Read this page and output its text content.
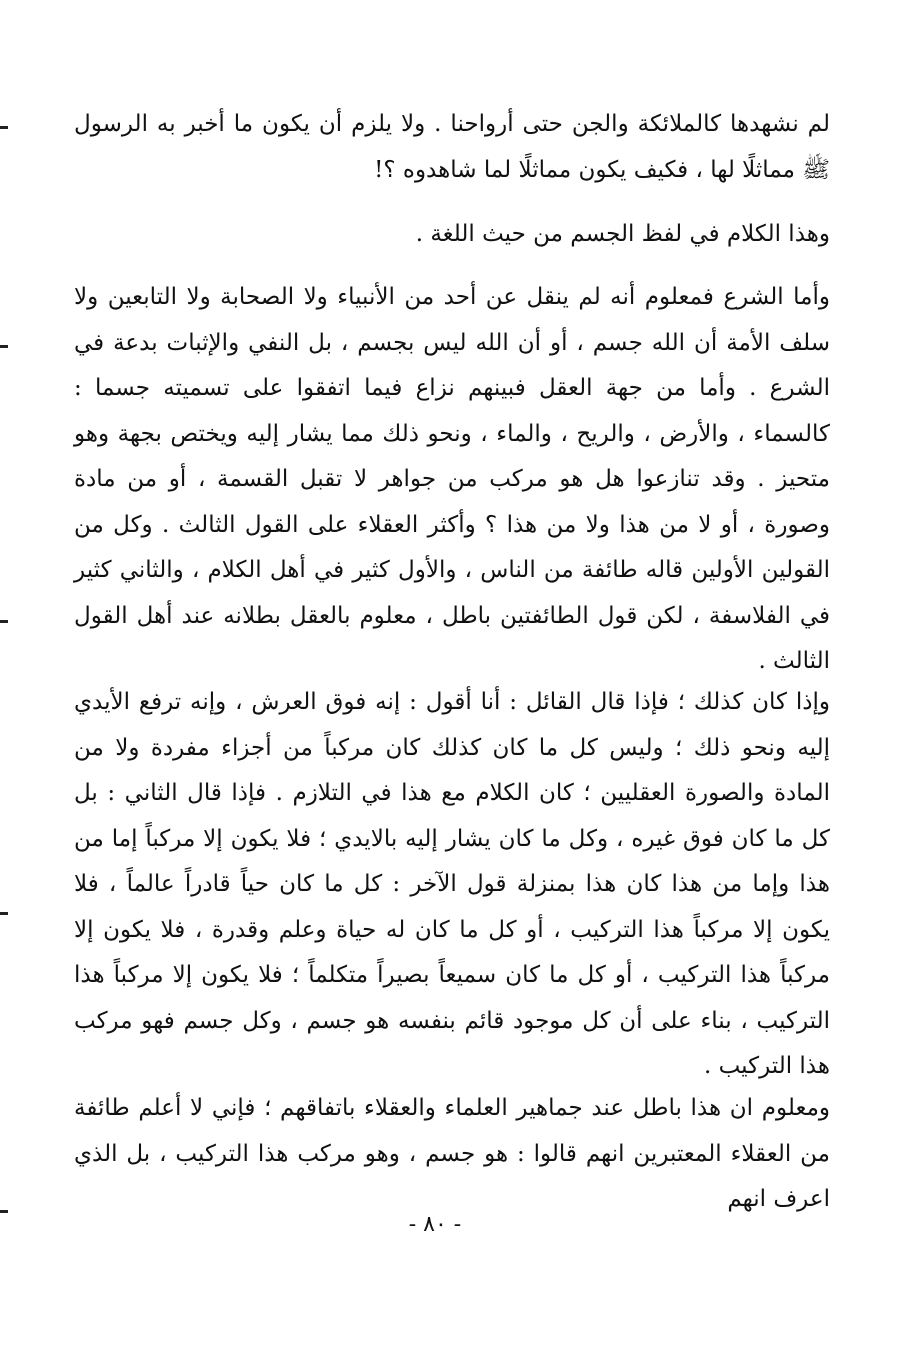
لم نشهدها كالملائكة والجن حتى أرواحنا . ولا يلزم أن يكون ما أخبر به الرسول ﷺ مماثلًا لها ، فكيف يكون مماثلًا لما شاهدوه ؟!

وهذا الكلام في لفظ الجسم من حيث اللغة .

وأما الشرع فمعلوم أنه لم ينقل عن أحد من الأنبياء ولا الصحابة ولا التابعين ولا سلف الأمة أن الله جسم ، أو أن الله ليس بجسم ، بل النفي والإثبات بدعة في الشرع . وأما من جهة العقل فبينهم نزاع فيما اتفقوا على تسميته جسما : كالسماء ، والأرض ، والريح ، والماء ، ونحو ذلك مما يشار إليه ويختص بجهة وهو متحيز . وقد تنازعوا هل هو مركب من جواهر لا تقبل القسمة ، أو من مادة وصورة ، أو لا من هذا ولا من هذا ؟ وأكثر العقلاء على القول الثالث . وكل من القولين الأولين قاله طائفة من الناس ، والأول كثير في أهل الكلام ، والثاني كثير في الفلاسفة ، لكن قول الطائفتين باطل ، معلوم بالعقل بطلانه عند أهل القول الثالث .

وإذا كان كذلك ؛ فإذا قال القائل : أنا أقول : إنه فوق العرش ، وإنه ترفع الأيدي إليه ونحو ذلك ؛ وليس كل ما كان كذلك كان مركباً من أجزاء مفردة ولا من المادة والصورة العقليين ؛ كان الكلام مع هذا في التلازم . فإذا قال الثاني : بل كل ما كان فوق غيره ، وكل ما كان يشار إليه بالايدي ؛ فلا يكون إلا مركباً إما من هذا وإما من هذا كان هذا بمنزلة قول الآخر : كل ما كان حياً قادراً عالماً ، فلا يكون إلا مركباً هذا التركيب ، أو كل ما كان له حياة وعلم وقدرة ، فلا يكون إلا مركباً هذا التركيب ، أو كل ما كان سميعاً بصيراً متكلماً ؛ فلا يكون إلا مركباً هذا التركيب ، بناء على أن كل موجود قائم بنفسه هو جسم ، وكل جسم فهو مركب هذا التركيب .

ومعلوم ان هذا باطل عند جماهير العلماء والعقلاء باتفاقهم ؛ فإني لا أعلم طائفة من العقلاء المعتبرين انهم قالوا : هو جسم ، وهو مركب هذا التركيب ، بل الذي اعرف انهم

- ٨٠ -
